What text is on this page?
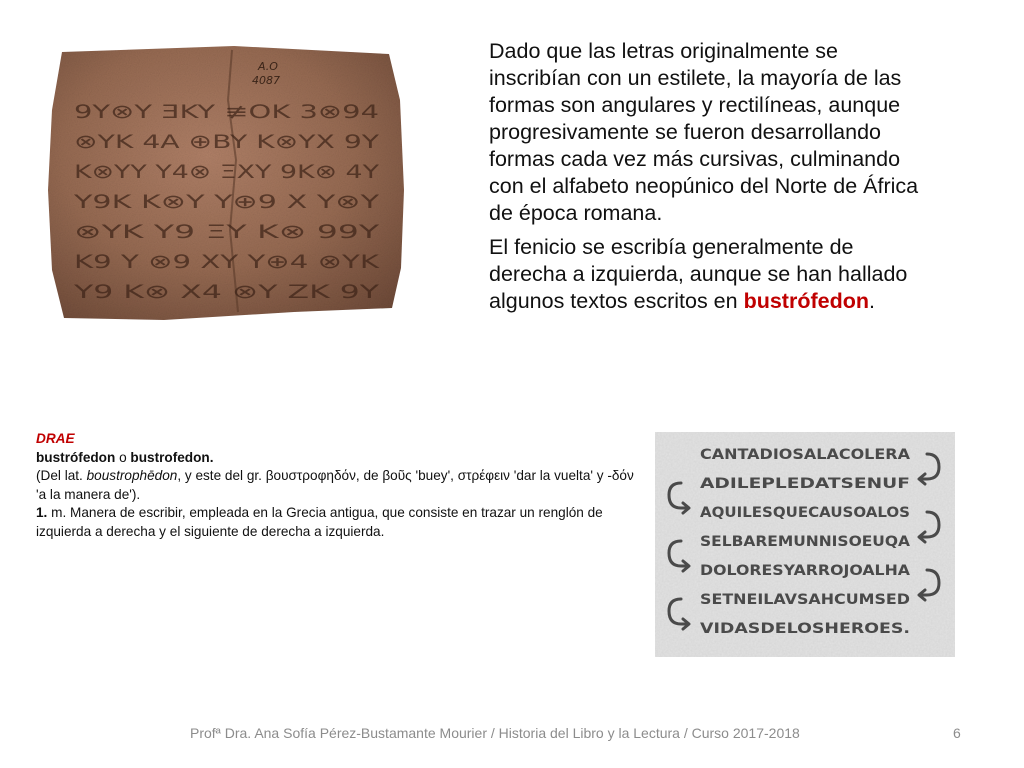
A.O
4087
9Y⊗Y ƎKY ≢OK 3⊗94
⊗YK 4A ⊕BY K⊗YX 9Y
K⊗YY Y4⊗ ΞXY 9K⊗ 4Y
Y9K K⊗Y Y⊕9 X Y⊗Y
⊗YK Y9 ΞY K⊗ 99Y
K9 Y ⊗9 XY Y⊕4 ⊗YK
Y9 K⊗ X4 ⊗Y ZK 9Y

Dado que las letras originalmente se inscribían con un estilete, la mayoría de las formas son angulares y rectilíneas, aunque progresivamente se fueron desarrollando formas cada vez más cursivas, culminando con el alfabeto neopúnico del Norte de África de época romana.

El fenicio se escribía generalmente de derecha a izquierda, aunque se han hallado algunos textos escritos en bustrófedon.

DRAE
bustrófedon o bustrofedon.
(Del lat. boustrophēdon, y este del gr. βουστροφηδόν, de βοῦς 'buey', στρέφειν 'dar la vuelta' y -δόν 'a la manera de').
1. m. Manera de escribir, empleada en la Grecia antigua, que consiste en trazar un renglón de izquierda a derecha y el siguiente de derecha a izquierda.
CANTADIOSALACOLERA
ADILEPLEDATSENUF
AQUILESQUECAUSOALOS
SELBAREMUNNISOEUQA
DOLORESYARROJOALHA
SETNEILAVSAHCUMSED
VIDASDELOSHEROES.
Profª Dra. Ana Sofía Pérez-Bustamante Mourier / Historia del Libro y la Lectura / Curso 2017-2018	6
